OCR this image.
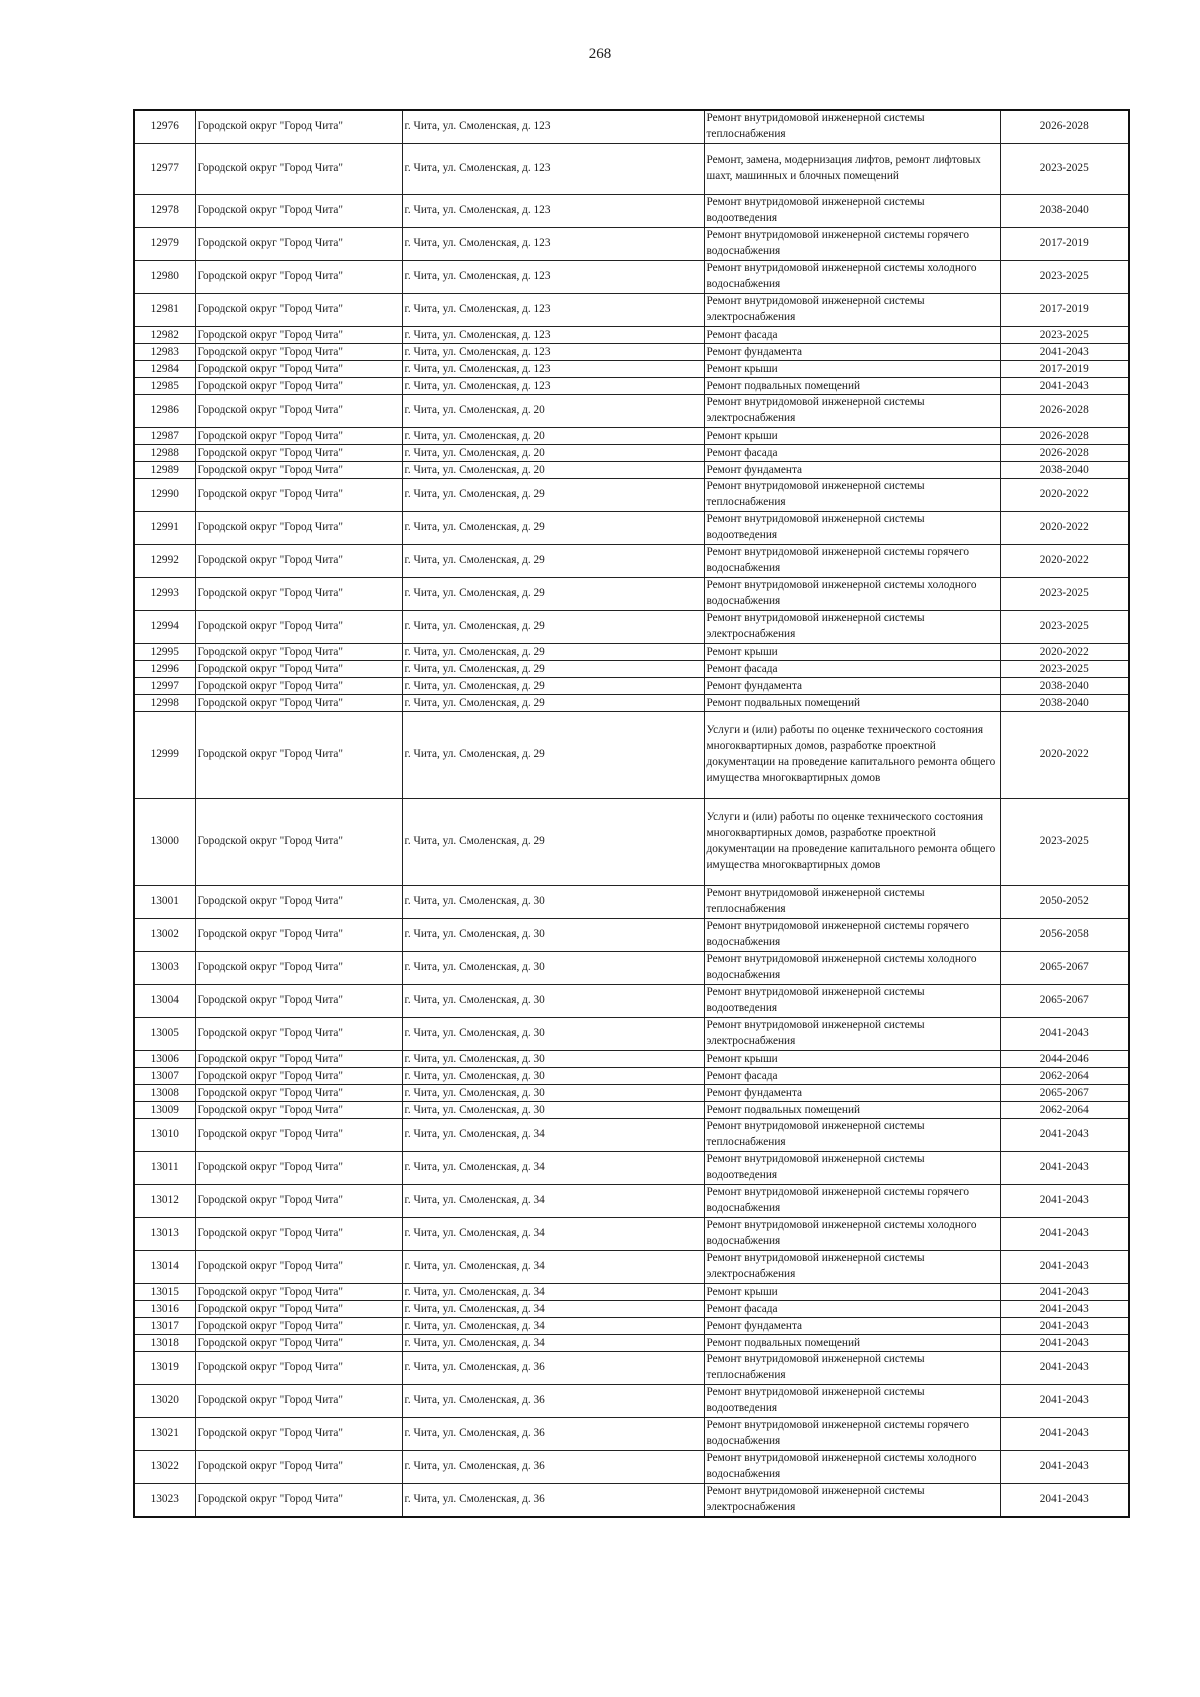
268
12976	Городской округ "Город Чита"	г. Чита, ул. Смоленская, д. 123	Ремонт внутридомовой инженерной системы теплоснабжения	2026-2028
12977	Городской округ "Город Чита"	г. Чита, ул. Смоленская, д. 123	Ремонт, замена, модернизация лифтов, ремонт лифтовых шахт, машинных и блочных помещений	2023-2025
12978	Городской округ "Город Чита"	г. Чита, ул. Смоленская, д. 123	Ремонт внутридомовой инженерной системы водоотведения	2038-2040
12979	Городской округ "Город Чита"	г. Чита, ул. Смоленская, д. 123	Ремонт внутридомовой инженерной системы горячего водоснабжения	2017-2019
12980	Городской округ "Город Чита"	г. Чита, ул. Смоленская, д. 123	Ремонт внутридомовой инженерной системы холодного водоснабжения	2023-2025
12981	Городской округ "Город Чита"	г. Чита, ул. Смоленская, д. 123	Ремонт внутридомовой инженерной системы электроснабжения	2017-2019
12982	Городской округ "Город Чита"	г. Чита, ул. Смоленская, д. 123	Ремонт фасада	2023-2025
12983	Городской округ "Город Чита"	г. Чита, ул. Смоленская, д. 123	Ремонт фундамента	2041-2043
12984	Городской округ "Город Чита"	г. Чита, ул. Смоленская, д. 123	Ремонт крыши	2017-2019
12985	Городской округ "Город Чита"	г. Чита, ул. Смоленская, д. 123	Ремонт подвальных помещений	2041-2043
12986	Городской округ "Город Чита"	г. Чита, ул. Смоленская, д. 20	Ремонт внутридомовой инженерной системы электроснабжения	2026-2028
12987	Городской округ "Город Чита"	г. Чита, ул. Смоленская, д. 20	Ремонт крыши	2026-2028
12988	Городской округ "Город Чита"	г. Чита, ул. Смоленская, д. 20	Ремонт фасада	2026-2028
12989	Городской округ "Город Чита"	г. Чита, ул. Смоленская, д. 20	Ремонт фундамента	2038-2040
12990	Городской округ "Город Чита"	г. Чита, ул. Смоленская, д. 29	Ремонт внутридомовой инженерной системы теплоснабжения	2020-2022
12991	Городской округ "Город Чита"	г. Чита, ул. Смоленская, д. 29	Ремонт внутридомовой инженерной системы водоотведения	2020-2022
12992	Городской округ "Город Чита"	г. Чита, ул. Смоленская, д. 29	Ремонт внутридомовой инженерной системы горячего водоснабжения	2020-2022
12993	Городской округ "Город Чита"	г. Чита, ул. Смоленская, д. 29	Ремонт внутридомовой инженерной системы холодного водоснабжения	2023-2025
12994	Городской округ "Город Чита"	г. Чита, ул. Смоленская, д. 29	Ремонт внутридомовой инженерной системы электроснабжения	2023-2025
12995	Городской округ "Город Чита"	г. Чита, ул. Смоленская, д. 29	Ремонт крыши	2020-2022
12996	Городской округ "Город Чита"	г. Чита, ул. Смоленская, д. 29	Ремонт фасада	2023-2025
12997	Городской округ "Город Чита"	г. Чита, ул. Смоленская, д. 29	Ремонт фундамента	2038-2040
12998	Городской округ "Город Чита"	г. Чита, ул. Смоленская, д. 29	Ремонт подвальных помещений	2038-2040
12999	Городской округ "Город Чита"	г. Чита, ул. Смоленская, д. 29	Услуги и (или) работы по оценке технического состояния многоквартирных домов, разработке проектной документации на проведение капитального ремонта общего имущества многоквартирных домов	2020-2022
13000	Городской округ "Город Чита"	г. Чита, ул. Смоленская, д. 29	Услуги и (или) работы по оценке технического состояния многоквартирных домов, разработке проектной документации на проведение капитального ремонта общего имущества многоквартирных домов	2023-2025
13001	Городской округ "Город Чита"	г. Чита, ул. Смоленская, д. 30	Ремонт внутридомовой инженерной системы теплоснабжения	2050-2052
13002	Городской округ "Город Чита"	г. Чита, ул. Смоленская, д. 30	Ремонт внутридомовой инженерной системы горячего водоснабжения	2056-2058
13003	Городской округ "Город Чита"	г. Чита, ул. Смоленская, д. 30	Ремонт внутридомовой инженерной системы холодного водоснабжения	2065-2067
13004	Городской округ "Город Чита"	г. Чита, ул. Смоленская, д. 30	Ремонт внутридомовой инженерной системы водоотведения	2065-2067
13005	Городской округ "Город Чита"	г. Чита, ул. Смоленская, д. 30	Ремонт внутридомовой инженерной системы электроснабжения	2041-2043
13006	Городской округ "Город Чита"	г. Чита, ул. Смоленская, д. 30	Ремонт крыши	2044-2046
13007	Городской округ "Город Чита"	г. Чита, ул. Смоленская, д. 30	Ремонт фасада	2062-2064
13008	Городской округ "Город Чита"	г. Чита, ул. Смоленская, д. 30	Ремонт фундамента	2065-2067
13009	Городской округ "Город Чита"	г. Чита, ул. Смоленская, д. 30	Ремонт подвальных помещений	2062-2064
13010	Городской округ "Город Чита"	г. Чита, ул. Смоленская, д. 34	Ремонт внутридомовой инженерной системы теплоснабжения	2041-2043
13011	Городской округ "Город Чита"	г. Чита, ул. Смоленская, д. 34	Ремонт внутридомовой инженерной системы водоотведения	2041-2043
13012	Городской округ "Город Чита"	г. Чита, ул. Смоленская, д. 34	Ремонт внутридомовой инженерной системы горячего водоснабжения	2041-2043
13013	Городской округ "Город Чита"	г. Чита, ул. Смоленская, д. 34	Ремонт внутридомовой инженерной системы холодного водоснабжения	2041-2043
13014	Городской округ "Город Чита"	г. Чита, ул. Смоленская, д. 34	Ремонт внутридомовой инженерной системы электроснабжения	2041-2043
13015	Городской округ "Город Чита"	г. Чита, ул. Смоленская, д. 34	Ремонт крыши	2041-2043
13016	Городской округ "Город Чита"	г. Чита, ул. Смоленская, д. 34	Ремонт фасада	2041-2043
13017	Городской округ "Город Чита"	г. Чита, ул. Смоленская, д. 34	Ремонт фундамента	2041-2043
13018	Городской округ "Город Чита"	г. Чита, ул. Смоленская, д. 34	Ремонт подвальных помещений	2041-2043
13019	Городской округ "Город Чита"	г. Чита, ул. Смоленская, д. 36	Ремонт внутридомовой инженерной системы теплоснабжения	2041-2043
13020	Городской округ "Город Чита"	г. Чита, ул. Смоленская, д. 36	Ремонт внутридомовой инженерной системы водоотведения	2041-2043
13021	Городской округ "Город Чита"	г. Чита, ул. Смоленская, д. 36	Ремонт внутридомовой инженерной системы горячего водоснабжения	2041-2043
13022	Городской округ "Город Чита"	г. Чита, ул. Смоленская, д. 36	Ремонт внутридомовой инженерной системы холодного водоснабжения	2041-2043
13023	Городской округ "Город Чита"	г. Чита, ул. Смоленская, д. 36	Ремонт внутридомовой инженерной системы электроснабжения	2041-2043
